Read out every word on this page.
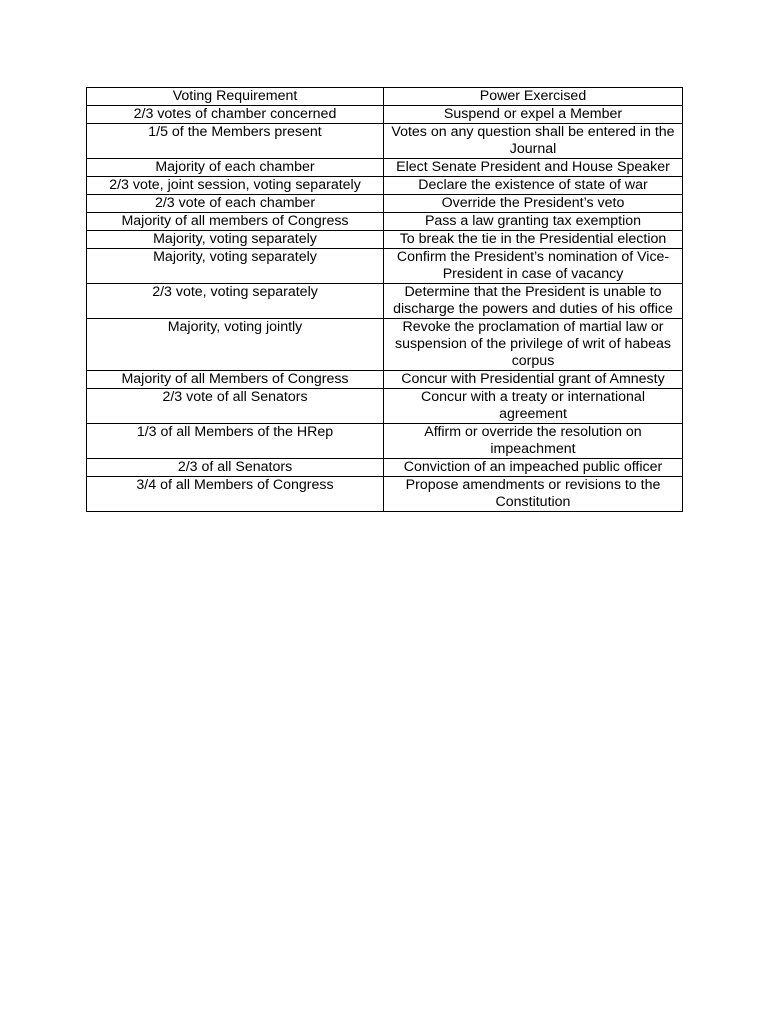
Voting Requirement	Power Exercised
2/3 votes of chamber concerned	Suspend or expel a Member
1/5 of the Members present	Votes on any question shall be entered in the Journal
Majority of each chamber	Elect Senate President and House Speaker
2/3 vote, joint session, voting separately	Declare the existence of state of war
2/3 vote of each chamber	Override the President’s veto
Majority of all members of Congress	Pass a law granting tax exemption
Majority, voting separately	To break the tie in the Presidential election
Majority, voting separately	Confirm the President’s nomination of Vice-President in case of vacancy
2/3 vote, voting separately	Determine that the President is unable to discharge the powers and duties of his office
Majority, voting jointly	Revoke the proclamation of martial law or suspension of the privilege of writ of habeas corpus
Majority of all Members of Congress	Concur with Presidential grant of Amnesty
2/3 vote of all Senators	Concur with a treaty or international agreement
1/3 of all Members of the HRep	Affirm or override the resolution on impeachment
2/3 of all Senators	Conviction of an impeached public officer
3/4 of all Members of Congress	Propose amendments or revisions to the Constitution
